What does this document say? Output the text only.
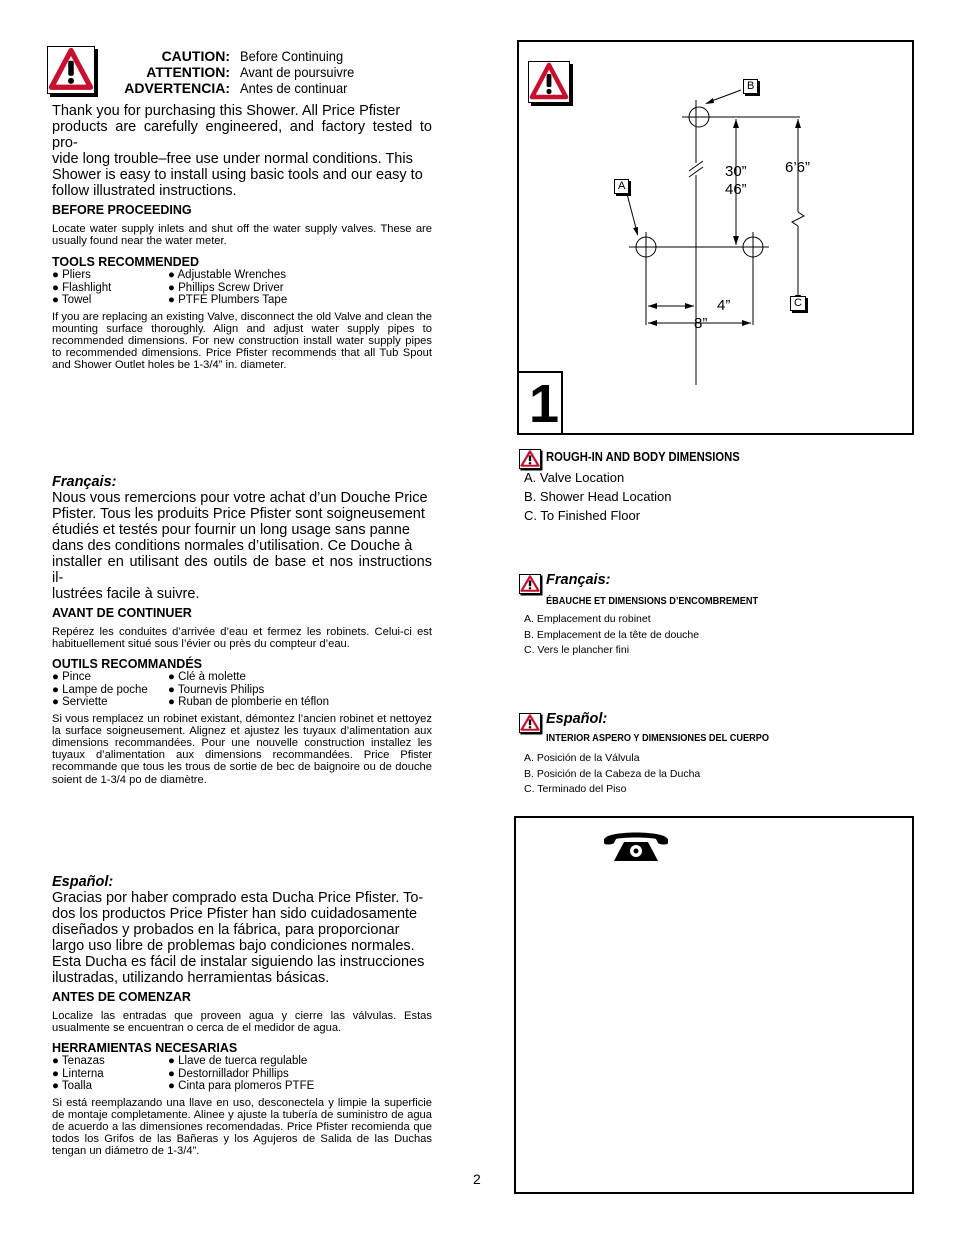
CAUTION: Before Continuing
ATTENTION: Avant de poursuivre
ADVERTENCIA: Antes de continuar
Thank you for purchasing this Shower. All Price Pfister
products are carefully engineered, and factory tested to pro-
vide long trouble–free use under normal conditions. This
Shower is easy to install using basic tools and our easy to
follow illustrated instructions.
BEFORE PROCEEDING
Locate water supply inlets and shut off the water supply valves. These are usually found near the water meter.
TOOLS RECOMMENDED
● Pliers	● Adjustable Wrenches
● Flashlight	● Phillips Screw Driver
● Towel	● PTFE Plumbers Tape
If you are replacing an existing Valve, disconnect the old Valve and clean the mounting surface thoroughly. Align and adjust water supply pipes to recommended dimensions. For new construction install water supply pipes to recommended dimensions. Price Pfister recommends that all Tub Spout and Shower Outlet holes be 1-3/4” in. diameter.
Français:
Nous vous remercions pour votre achat d’un Douche Price
Pfister. Tous les produits Price Pfister sont soigneusement
étudiés et testés pour fournir un long usage sans panne
dans des conditions normales d’utilisation. Ce Douche à
installer en utilisant des outils de base et nos instructions il-
lustrées facile à suivre.
AVANT DE CONTINUER
Repérez les conduites d’arrivée d’eau et fermez les robinets. Celui-ci est habituellement situé sous l’évier ou près du compteur d’eau.
OUTILS RECOMMANDÉS
● Pince	● Clé à molette
● Lampe de poche ● Tournevis Philips
● Serviette	● Ruban de plomberie en téflon
Si vous remplacez un robinet existant, démontez l’ancien robinet et nettoyez la surface soigneusement. Alignez et ajustez les tuyaux d’alimentation aux dimensions recommandées. Pour une nouvelle construction installez les tuyaux d’alimentation aux dimensions recommandées. Price Pfister recommande que tous les trous de sortie de bec de baignoire ou de douche soient de 1-3/4 po de diamètre.
Español:
Gracias por haber comprado esta Ducha Price Pfister. To-
dos los productos Price Pfister han sido cuidadosamente
diseñados y probados en la fábrica, para proporcionar
largo uso libre de problemas bajo condiciones normales.
Esta Ducha es fácil de instalar siguiendo las instrucciones
ilustradas, utilizando herramientas básicas.
ANTES DE COMENZAR
Localize las entradas que proveen agua y cierre las válvulas. Estas usualmente se encuentran o cerca de el medidor de agua.
HERRAMIENTAS NECESARIAS
● Tenazas	● Llave de tuerca regulable
● Linterna	● Destornillador Phillips
● Toalla	● Cinta para plomeros PTFE
Si está reemplazando una llave en uso, desconectela y limpie la superficie de montaje completamente. Alinee y ajuste la tubería de suministro de agua de acuerdo a las dimensiones recomendadas. Price Pfister recomienda que todos los Grifos de las Bañeras y los Agujeros de Salida de las Duchas tengan un diámetro de 1-3/4”.
2
1
B
A
C
30”
46”
6’6”
4”
8”
ROUGH-IN AND BODY DIMENSIONS
A. Valve Location
B. Shower Head Location
C. To Finished Floor
Français:
ÉBAUCHE ET DIMENSIONS D’ENCOMBREMENT
A. Emplacement du robinet
B. Emplacement de la tête de douche
C. Vers le plancher fini
Español:
INTERIOR ASPERO Y DIMENSIONES DEL CUERPO
A. Posición de la Válvula
B. Posición de la Cabeza de la Ducha
C. Terminado del Piso
